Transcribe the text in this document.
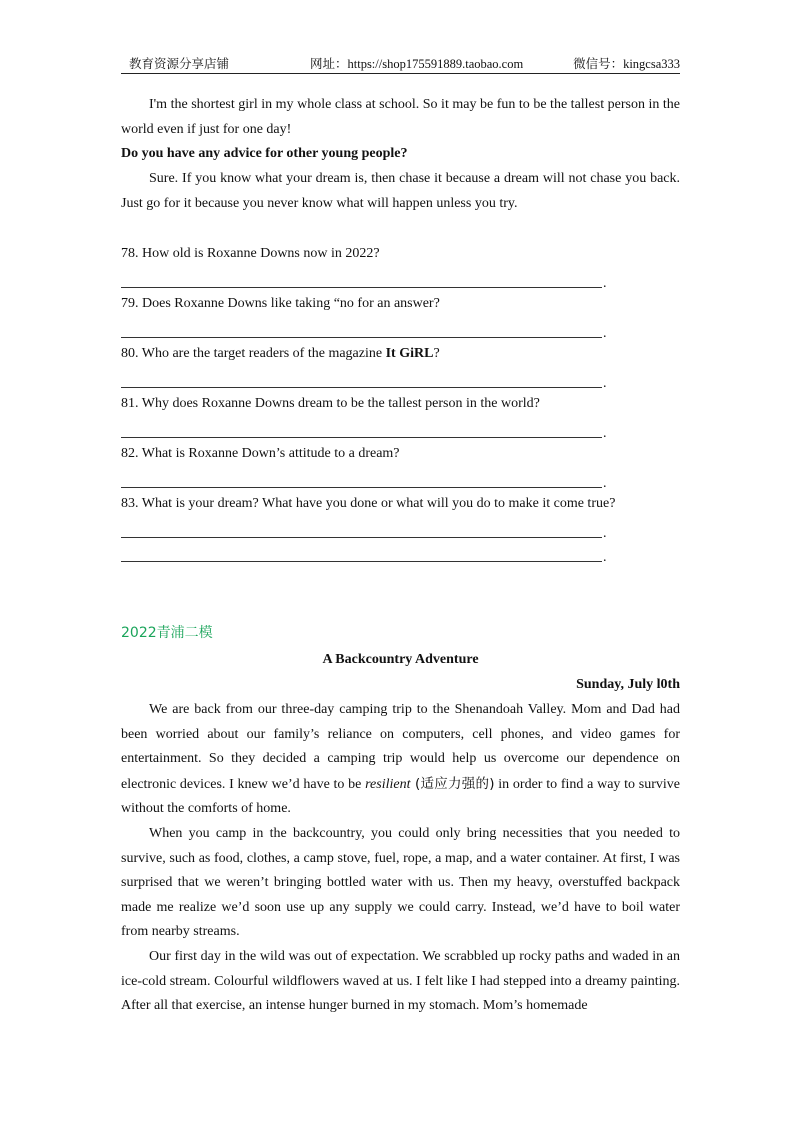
教育资源分享店铺	网址：https://shop175591889.taobao.com	微信号：kingcsa333
I'm the shortest girl in my whole class at school. So it may be fun to be the tallest person in the world even if just for one day!
Do you have any advice for other young people?
Sure. If you know what your dream is, then chase it because a dream will not chase you back. Just go for it because you never know what will happen unless you try.
78. How old is Roxanne Downs now in 2022?
.
79. Does Roxanne Downs like taking “no for an answer?
.
80. Who are the target readers of the magazine It GiRL?
.
81. Why does Roxanne Downs dream to be the tallest person in the world?
.
82. What is Roxanne Down’s attitude to a dream?
.
83. What is your dream? What have you done or what will you do to make it come true?
.
.
2022青浦二模
A Backcountry Adventure
Sunday, July l0th
We are back from our three-day camping trip to the Shenandoah Valley. Mom and Dad had been worried about our family’s reliance on computers, cell phones, and video games for entertainment. So they decided a camping trip would help us overcome our dependence on electronic devices. I knew we’d have to be resilient (适应力强的) in order to find a way to survive without the comforts of home.
When you camp in the backcountry, you could only bring necessities that you needed to survive, such as food, clothes, a camp stove, fuel, rope, a map, and a water container. At first, I was surprised that we weren’t bringing bottled water with us. Then my heavy, overstuffed backpack made me realize we’d soon use up any supply we could carry. Instead, we’d have to boil water from nearby streams.
Our first day in the wild was out of expectation. We scrabbled up rocky paths and waded in an ice-cold stream. Colourful wildflowers waved at us. I felt like I had stepped into a dreamy painting. After all that exercise, an intense hunger burned in my stomach. Mom’s homemade
